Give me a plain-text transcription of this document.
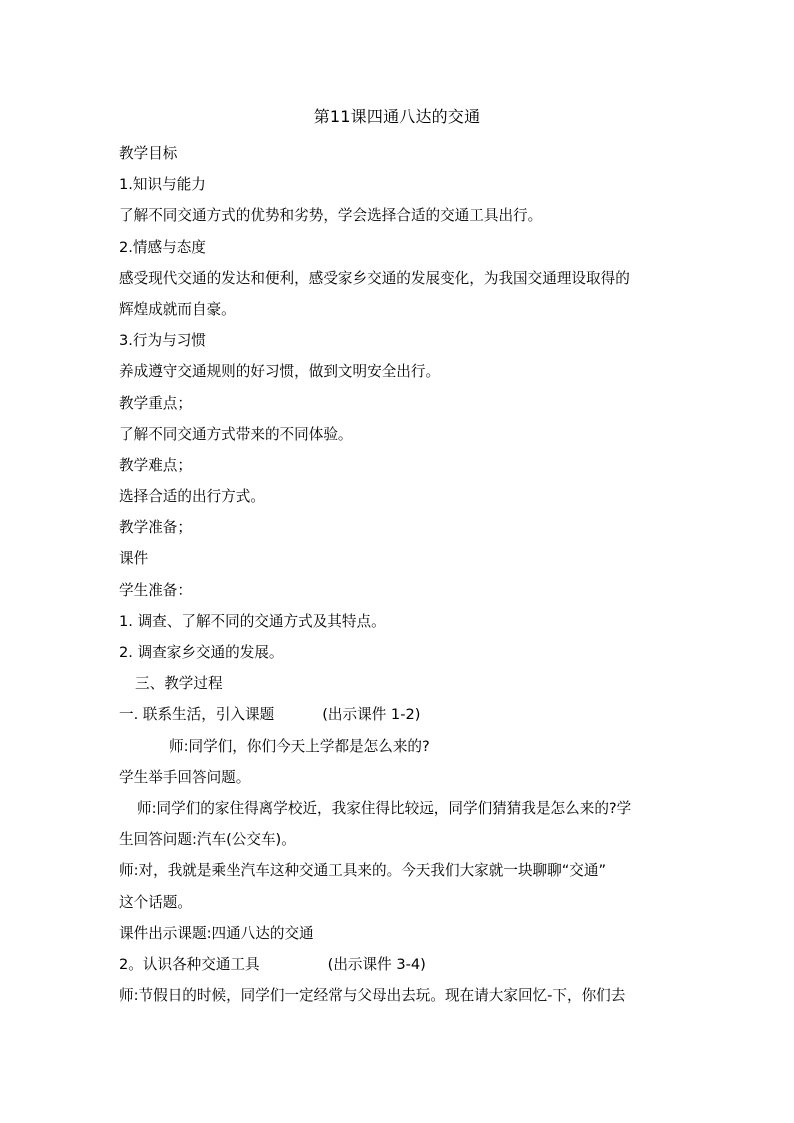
第11课四通八达的交通
教学目标
1.知识与能力
了解不同交通方式的优势和劣势，学会选择合适的交通工具出行。
2.情感与态度
感受现代交通的发达和便利，感受家乡交通的发展变化，为我国交通理设取得的
辉煌成就而自豪。
3.行为与习惯
养成遵守交通规则的好习惯，做到文明安全出行。
教学重点；
了解不同交通方式带来的不同体验。
教学难点；
选择合适的出行方式。
教学准备；
课件
学生准备：
1. 调查、了解不同的交通方式及其特点。
2. 调查家乡交通的发展。
三、教学过程
一. 联系生活，引入课题	(出示课件 1-2)
师:同学们，你们今天上学都是怎么来的?
学生举手回答问题。
师:同学们的家住得离学校近，我家住得比较远，同学们猜猜我是怎么来的?学
生回答问题:汽车(公交车)。
师:对，我就是乘坐汽车这种交通工具来的。今天我们大家就一块聊聊“交通”
这个话题。
课件出示课题:四通八达的交通
2。认识各种交通工具	(出示课件 3-4)
师:节假日的时候，同学们一定经常与父母出去玩。现在请大家回忆-下，你们去
